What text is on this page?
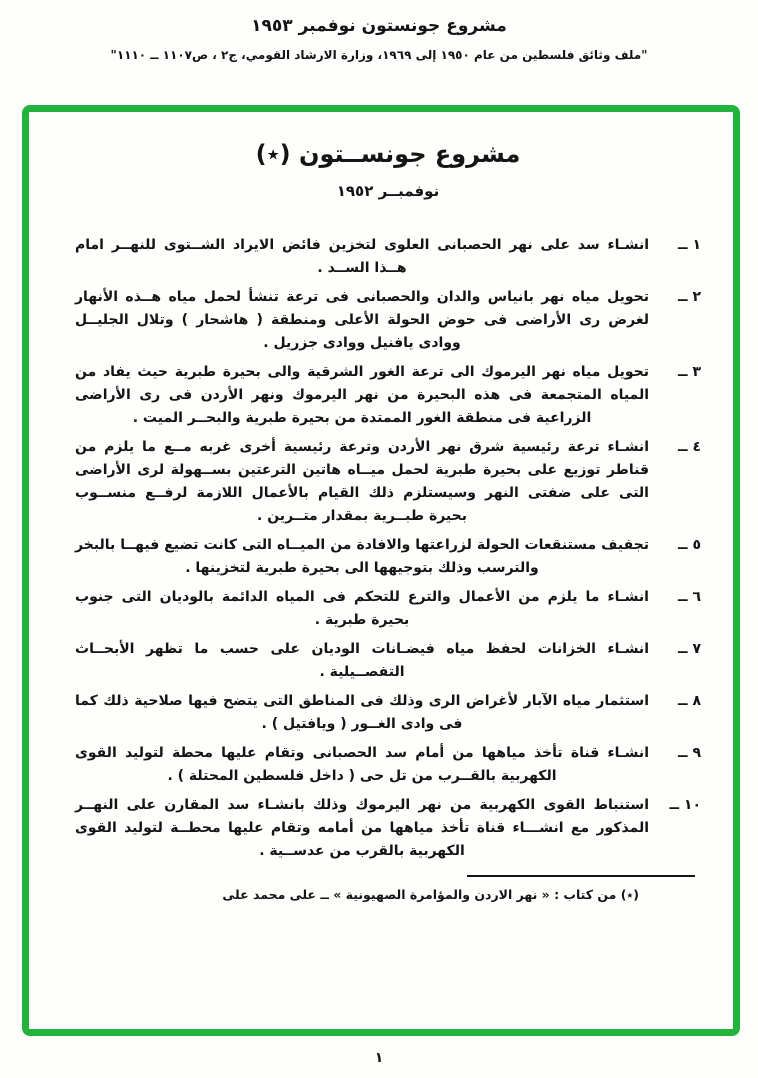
مشروع جونستون نوفمبر ١٩٥٣
"ملف وثائق فلسطين من عام ١٩٥٠ إلى ١٩٦٩، وزارة الارشاد القومي، ج٢ ، ص١١٠٧ ــ ١١١٠"
مشروع جونســتون (٭)
نوفمبــر ١٩٥٢
١ ــ

انشـاء سد على نهر الحصبانى العلوى لتخزين فائض الايراد الشــتوى للنهــر امام هــذا الســد .

٢ ــ

تحويل مياه نهر بانياس والدان والحصبانى فى ترعة تنشأ لحمل مياه هــذه الأنهار لغرض رى الأراضى فى حوض الحولة الأعلى ومنطقة ( هاشحار ) وتلال الجليــل ووادى يافنيل ووادى جزريل .

٣ ــ

تحويل مياه نهر اليرموك الى ترعة الغور الشرقية والى بحيرة طبرية حيث يفاد من المياه المتجمعة فى هذه البحيرة من نهر اليرموك ونهر الأردن فى رى الأراضى الزراعية فى منطقة الغور الممتدة من بحيرة طبرية والبحــر الميت .

٤ ــ

انشـاء ترعة رئيسية شرق نهر الأردن وترعة رئيسية أخرى غربه مــع ما يلزم من قناطر توزيع على بحيرة طبرية لحمل ميــاه هاتين الترعتين بســهولة لرى الأراضى التى على ضفتى النهر وسيستلزم ذلك القيام بالأعمال اللازمة لرفــع منســوب بحيرة طبــرية بمقدار متــرين .

٥ ــ

تجفيف مستنقعات الحولة لزراعتها والافادة من الميــاه التى كانت تضيع فيهــا بالبخر والترسب وذلك بتوجيهها الى بحيرة طبرية لتخزينها .

٦ ــ

انشـاء ما يلزم من الأعمال والترع للتحكم فى المياه الدائمة بالوديان التى جنوب بحيرة طبرية .

٧ ــ

انشـاء الخزانات لحفظ مياه فيضـانات الوديان على حسب ما تظهر الأبحــاث التفصــيلية .

٨ ــ

استثمار مياه الآبار لأغراض الرى وذلك فى المناطق التى يتضح فيها صلاحية ذلك كما فى وادى الغــور ( ويافتيل ) .

٩ ــ

انشـاء قناة تأخذ مياهها من أمام سد الحصبانى وتقام عليها محطة لتوليد القوى الكهربية بالقــرب من تل حى ( داخل فلسطين المحتلة ) .

١٠ ــ

استنباط القوى الكهربية من نهر اليرموك وذلك بانشـاء سد المقارن على النهــر المذكور مع انشـــاء قناة تأخذ مياهها من أمامه وتقام عليها محطــة لتوليد القوى الكهربية بالقرب من عدســية .

(٭) من كتاب : « نهر الاردن والمؤامرة الصهيونية » ــ على محمد على

١
